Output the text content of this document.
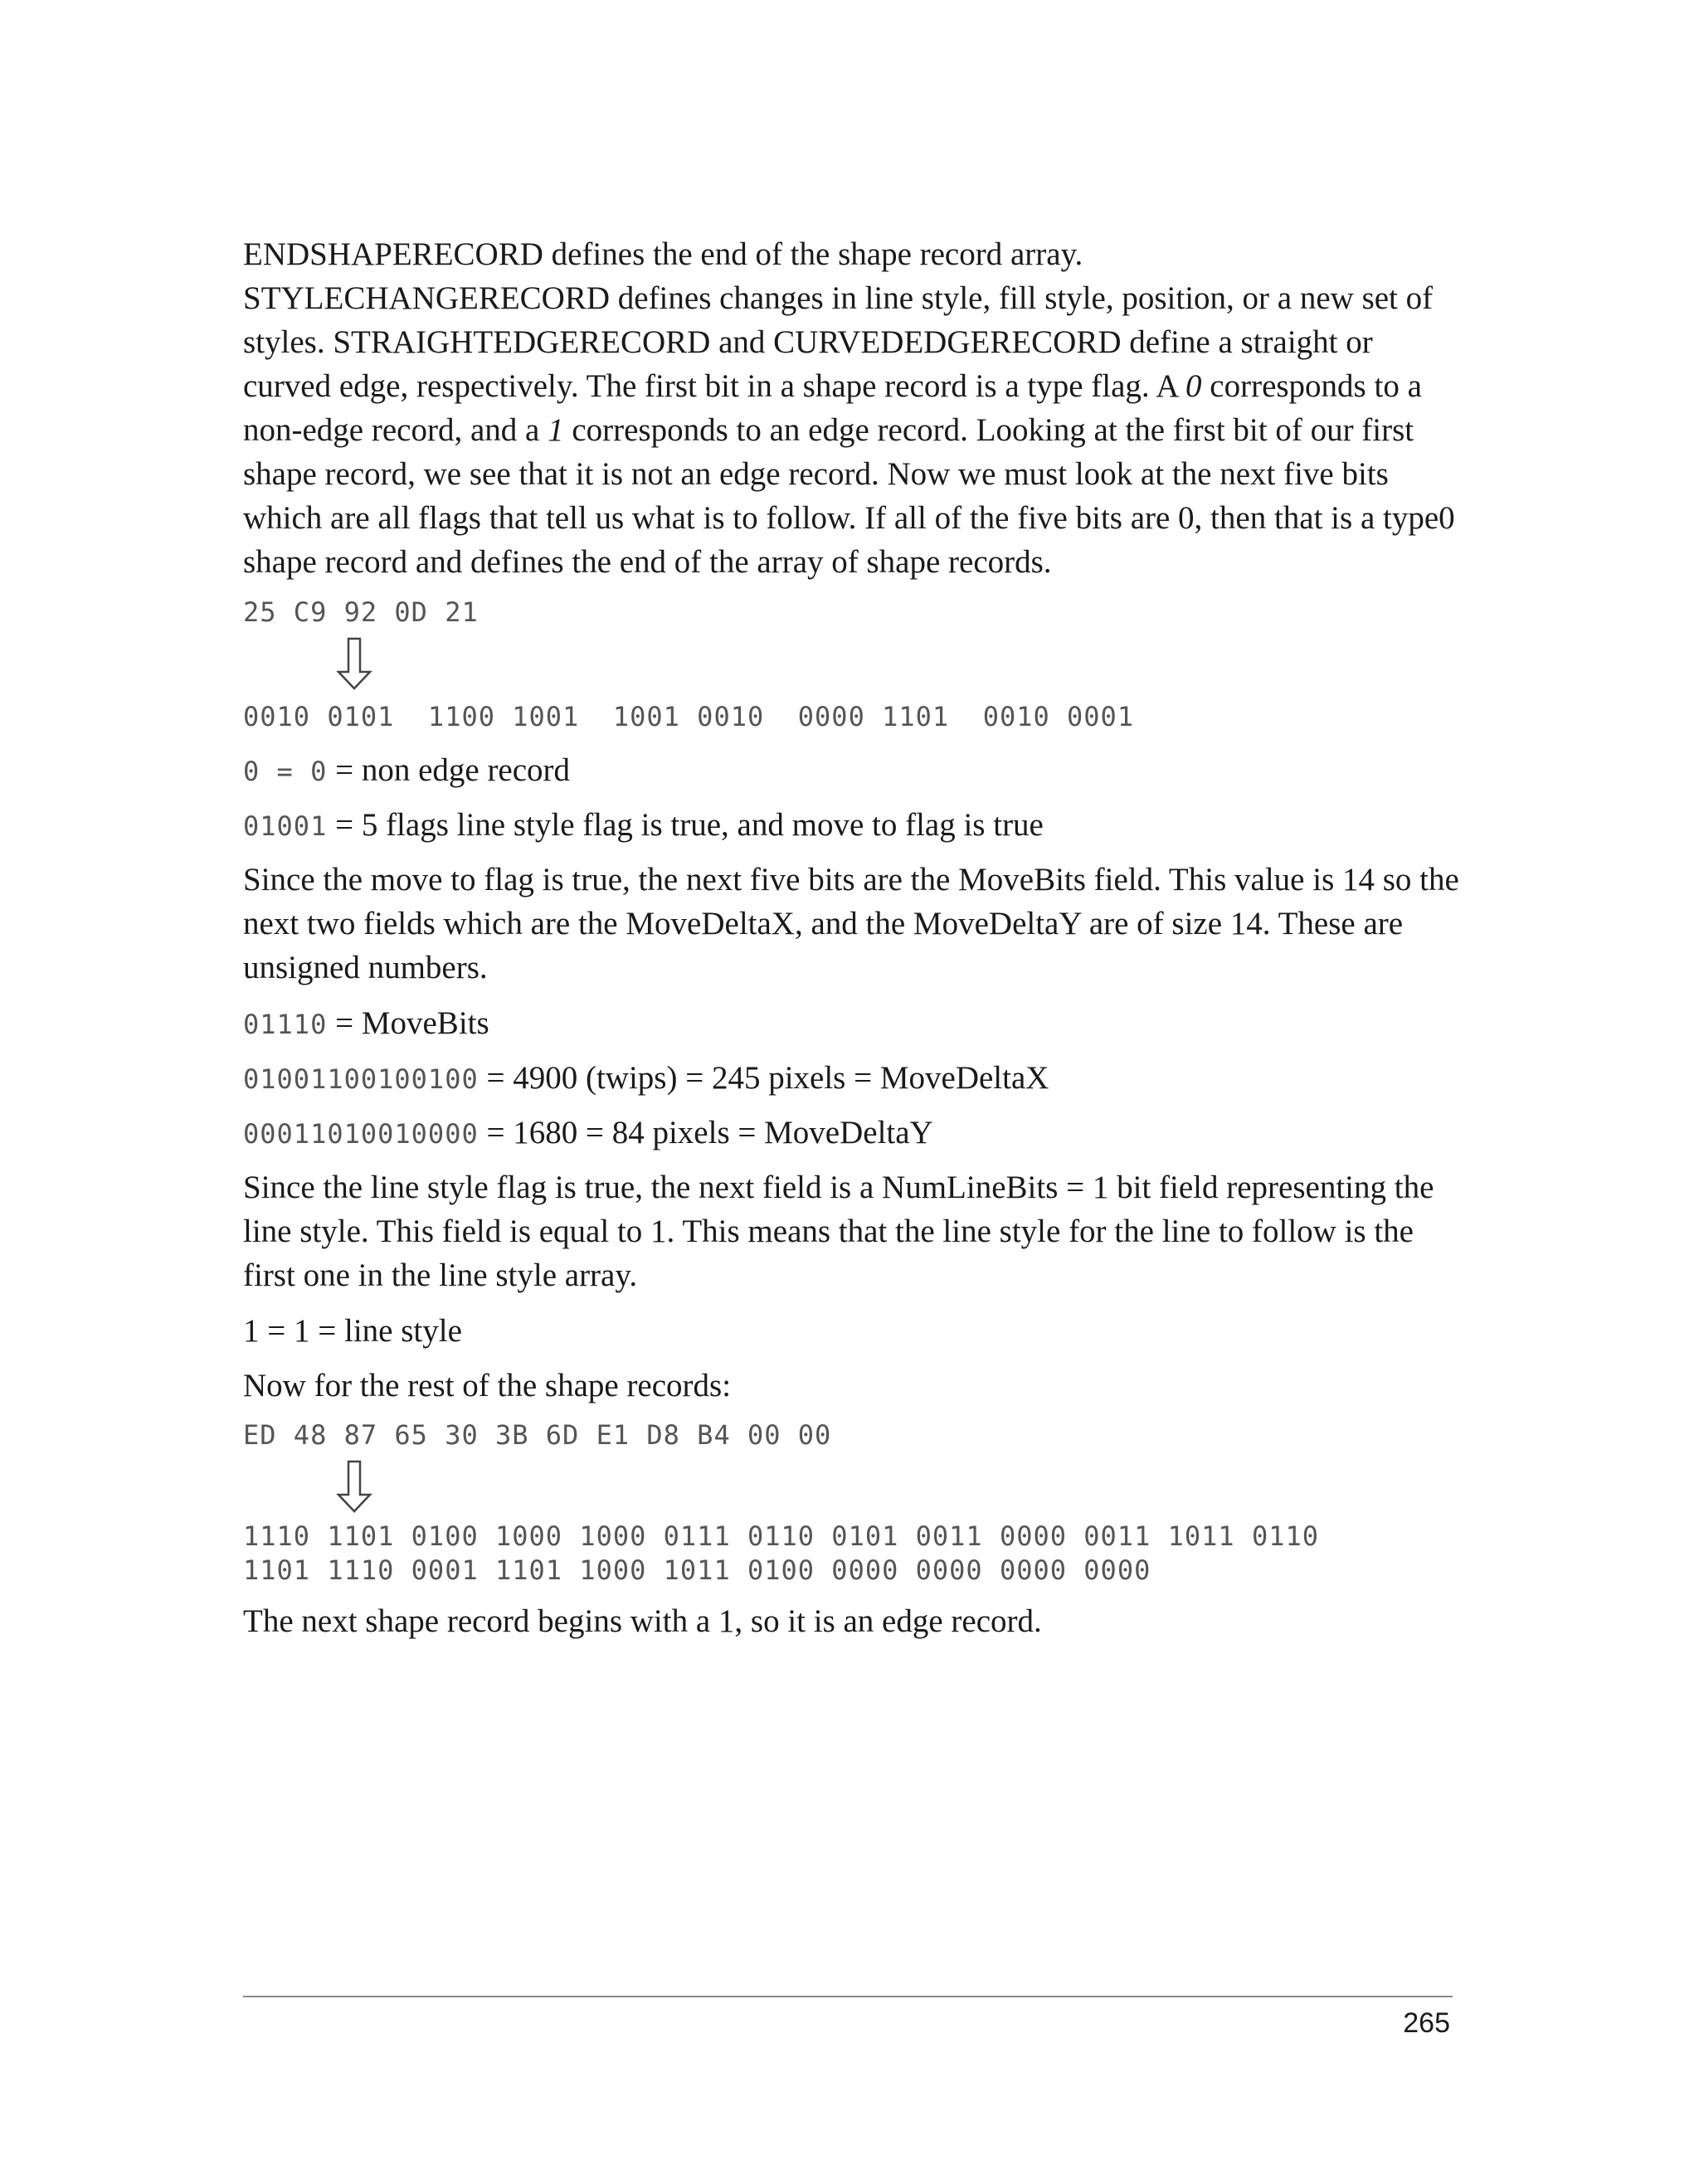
ENDSHAPERECORD defines the end of the shape record array.
STYLECHANGERECORD defines changes in line style, fill style, position, or a new set of
styles. STRAIGHTEDGERECORD and CURVEDEDGERECORD define a straight or
curved edge, respectively. The first bit in a shape record is a type flag. A 0 corresponds to a
non-edge record, and a 1 corresponds to an edge record. Looking at the first bit of our first
shape record, we see that it is not an edge record. Now we must look at the next five bits
which are all flags that tell us what is to follow. If all of the five bits are 0, then that is a type0
shape record and defines the end of the array of shape records.
25 C9 92 0D 21
0010 0101  1100 1001  1001 0010  0000 1101  0010 0001
0 = 0 = non edge record
01001 = 5 flags line style flag is true, and move to flag is true
Since the move to flag is true, the next five bits are the MoveBits field. This value is 14 so the
next two fields which are the MoveDeltaX, and the MoveDeltaY are of size 14. These are
unsigned numbers.
01110 = MoveBits
01001100100100 = 4900 (twips) = 245 pixels = MoveDeltaX
00011010010000 = 1680 = 84 pixels = MoveDeltaY
Since the line style flag is true, the next field is a NumLineBits = 1 bit field representing the
line style. This field is equal to 1. This means that the line style for the line to follow is the
first one in the line style array.
1 = 1 = line style
Now for the rest of the shape records:
ED 48 87 65 30 3B 6D E1 D8 B4 00 00
1110 1101 0100 1000 1000 0111 0110 0101 0011 0000 0011 1011 0110
1101 1110 0001 1101 1000 1011 0100 0000 0000 0000 0000
The next shape record begins with a 1, so it is an edge record.
265
